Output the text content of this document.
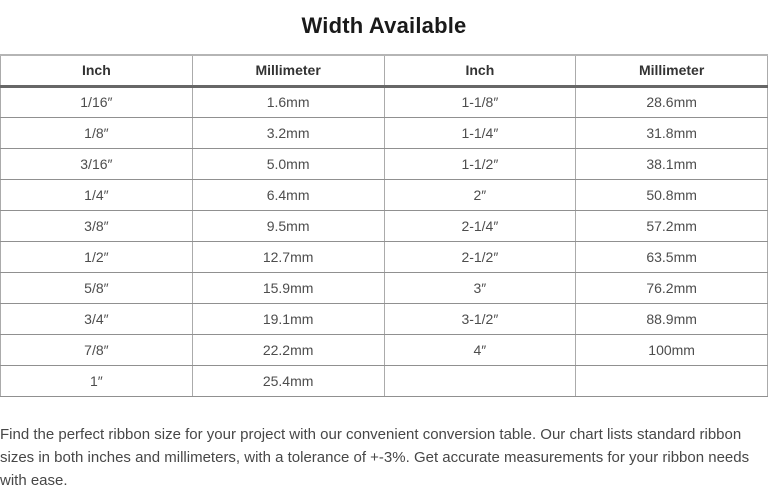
Width Available
Inch	Millimeter	Inch	Millimeter
1/16″	1.6mm	1-1/8″	28.6mm
1/8″	3.2mm	1-1/4″	31.8mm
3/16″	5.0mm	1-1/2″	38.1mm
1/4″	6.4mm	2″	50.8mm
3/8″	9.5mm	2-1/4″	57.2mm
1/2″	12.7mm	2-1/2″	63.5mm
5/8″	15.9mm	3″	76.2mm
3/4″	19.1mm	3-1/2″	88.9mm
7/8″	22.2mm	4″	100mm
1″	25.4mm		

Find the perfect ribbon size for your project with our convenient conversion table. Our chart lists standard ribbon sizes in both inches and millimeters, with a tolerance of +-3%. Get accurate measurements for your ribbon needs with ease.
